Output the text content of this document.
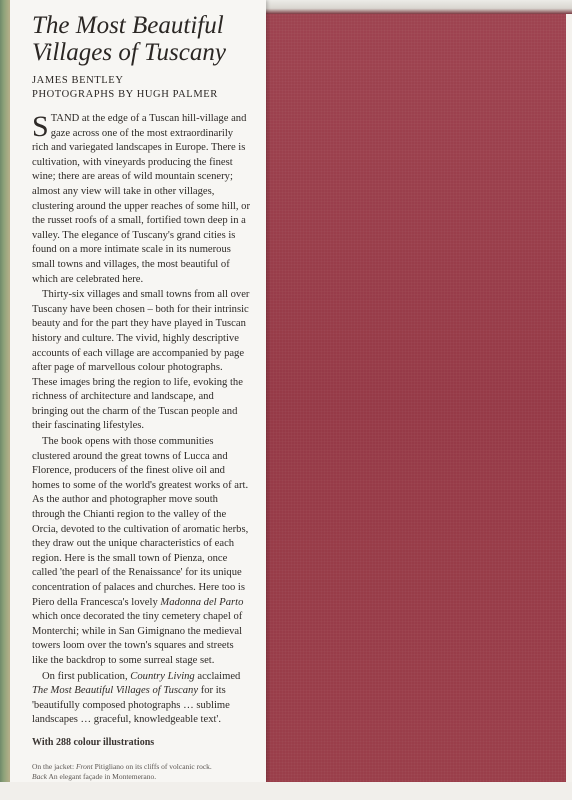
The Most Beautiful
Villages of Tuscany

JAMES BENTLEY

PHOTOGRAPHS BY HUGH PALMER

STAND at the edge of a Tuscan hill-village and gaze across one of the most extraordinarily rich and variegated landscapes in Europe. There is cultivation, with vineyards producing the finest wine; there are areas of wild mountain scenery; almost any view will take in other villages, clustering around the upper reaches of some hill, or the russet roofs of a small, fortified town deep in a valley. The elegance of Tuscany's grand cities is found on a more intimate scale in its numerous small towns and villages, the most beautiful of which are celebrated here.

Thirty-six villages and small towns from all over Tuscany have been chosen – both for their intrinsic beauty and for the part they have played in Tuscan history and culture. The vivid, highly descriptive accounts of each village are accompanied by page after page of marvellous colour photographs. These images bring the region to life, evoking the richness of architecture and landscape, and bringing out the charm of the Tuscan people and their fascinating lifestyles.

The book opens with those communities clustered around the great towns of Lucca and Florence, producers of the finest olive oil and homes to some of the world's greatest works of art. As the author and photographer move south through the Chianti region to the valley of the Orcia, devoted to the cultivation of aromatic herbs, they draw out the unique characteristics of each region. Here is the small town of Pienza, once called 'the pearl of the Renaissance' for its unique concentration of palaces and churches. Here too is Piero della Francesca's lovely Madonna del Parto which once decorated the tiny cemetery chapel of Monterchi; while in San Gimignano the medieval towers loom over the town's squares and streets like the backdrop to some surreal stage set.

On first publication, Country Living acclaimed The Most Beautiful Villages of Tuscany for its 'beautifully composed photographs … sublime landscapes … graceful, knowledgeable text'.

With 288 colour illustrations

On the jacket: Front Pitigliano on its cliffs of volcanic rock.
Back An elegant façade in Montemerano.
